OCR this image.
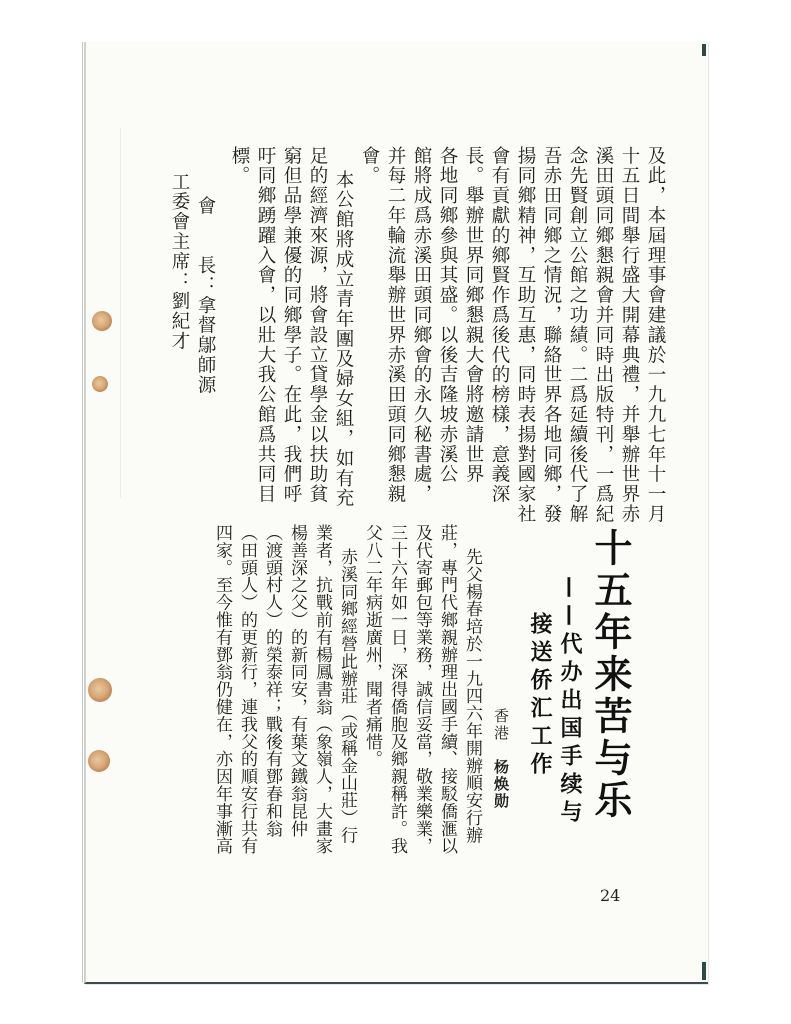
及此，本屆理事會建議於一九九七年十一月
十五日間舉行盛大開幕典禮，并舉辦世界赤
溪田頭同鄉懇親會并同時出版特刊，一爲紀
念先賢創立公館之功績。二爲延續後代了解
吾赤田同鄉之情況，聯絡世界各地同鄉，發
揚同鄉精神，互助互惠，同時表揚對國家社
會有貢獻的鄉賢作爲後代的榜樣，意義深
長。舉辦世界同鄉懇親大會將邀請世界
各地同鄉參與其盛。以後吉隆坡赤溪公
館將成爲赤溪田頭同鄉會的永久秘書處，
并每二年輪流舉辦世界赤溪田頭同鄉懇親
會。
本公館將成立青年團及婦女組，如有充
足的經濟來源，將會設立貸學金以扶助貧
窮但品學兼優的同鄉學子。在此，我們呼
吁同鄉踴躍入會，以壯大我公館爲共同目
標。
會　　長：拿督鄔師源
工委會主席：劉紀才
十五年来苦与乐
——代办出国手续与
接送侨汇工作
香港 杨焕勋
先父楊春培於一九四六年開辦順安行辦
莊，專門代鄉親辦理出國手續、接駁僑滙以
及代寄郵包等業務，誠信妥當，敬業樂業，
三十六年如一日，深得僑胞及鄉親稱許。我
父八二年病逝廣州，聞者痛惜。
赤溪同鄉經營此辦莊（或稱金山莊）行
業者，抗戰前有楊鳳書翁（象嶺人，大畫家
楊善深之父）的新同安，有葉文鐵翁昆仲
（渡頭村人）的榮泰祥；戰後有鄧春和翁
（田頭人）的更新行，連我父的順安行共有
四家。至今惟有鄧翁仍健在，亦因年事漸高
24
